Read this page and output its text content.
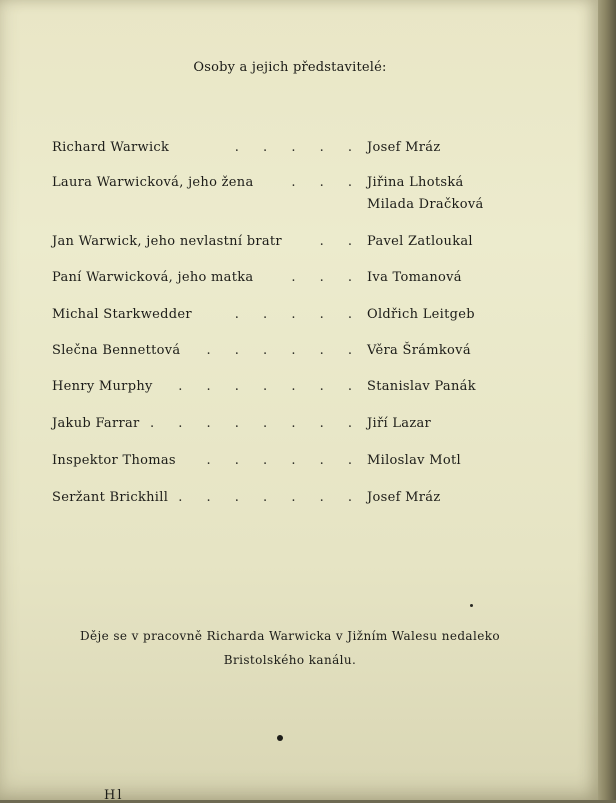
Osoby a jejich představitelé:
. . . . .
Richard Warwick	Josef Mráz
. . .
Laura Warwicková, jeho žena	Jiřina Lhotská
Milada Dračková
. .
Jan Warwick, jeho nevlastní bratr	Pavel Zatloukal
. . .
Paní Warwicková, jeho matka	Iva Tomanová
. . . . .
Michal Starkwedder	Oldřich Leitgeb
. . . . . .
Slečna Bennettová	Věra Šrámková
. . . . . . .
Henry Murphy	Stanislav Panák
. . . . . . . .
Jakub Farrar	Jiří Lazar
. . . . . .
Inspektor Thomas	Miloslav Motl
. . . . . . .
Seržant Brickhill	Josef Mráz
Děje se v pracovně Richarda Warwicka v Jižním Walesu nedaleko
Bristolského kanálu.
Hl
